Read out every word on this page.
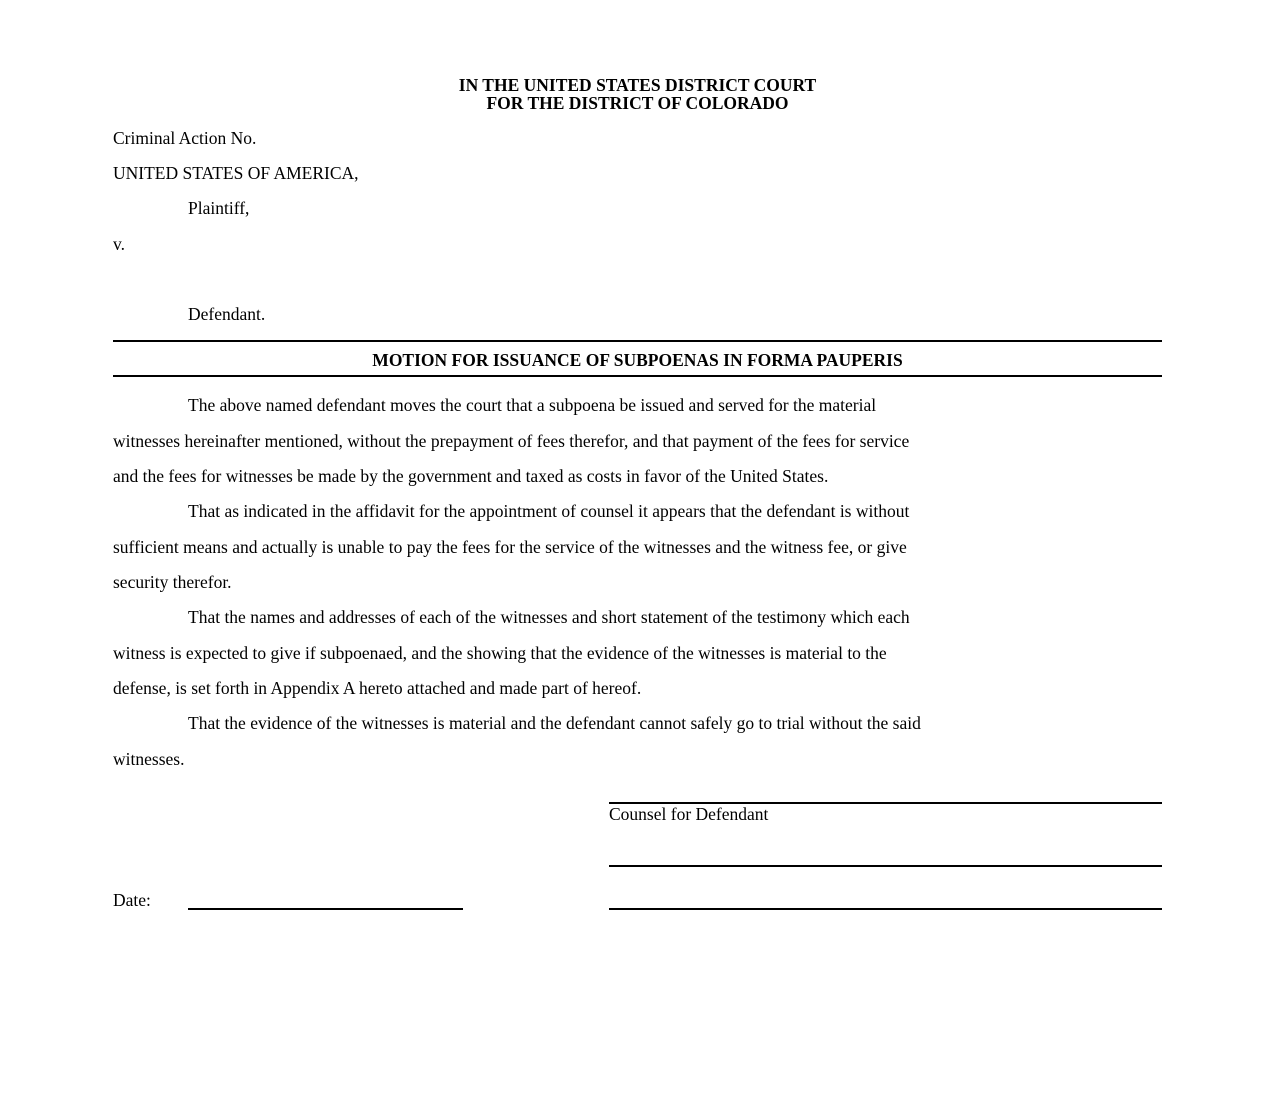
IN THE UNITED STATES DISTRICT COURT
FOR THE DISTRICT OF COLORADO
Criminal Action No.
UNITED STATES OF AMERICA,
Plaintiff,
v.
Defendant.
MOTION FOR ISSUANCE OF SUBPOENAS IN FORMA PAUPERIS
The above named defendant moves the court that a subpoena be issued and served for the material
witnesses hereinafter mentioned, without the prepayment of fees therefor, and that payment of the fees for service
and the fees for witnesses be made by the government and taxed as costs in favor of the United States.
That as indicated in the affidavit for the appointment of counsel it appears that the defendant is without
sufficient means and actually is unable to pay the fees for the service of the witnesses and the witness fee, or give
security therefor.
That the names and addresses of each of the witnesses and short statement of the testimony which each
witness is expected to give if subpoenaed, and the showing that the evidence of the witnesses is material to the
defense, is set forth in Appendix A hereto attached and made part of hereof.
That the evidence of the witnesses is material and the defendant cannot safely go to trial without the said
witnesses.
Counsel for Defendant
Date:
